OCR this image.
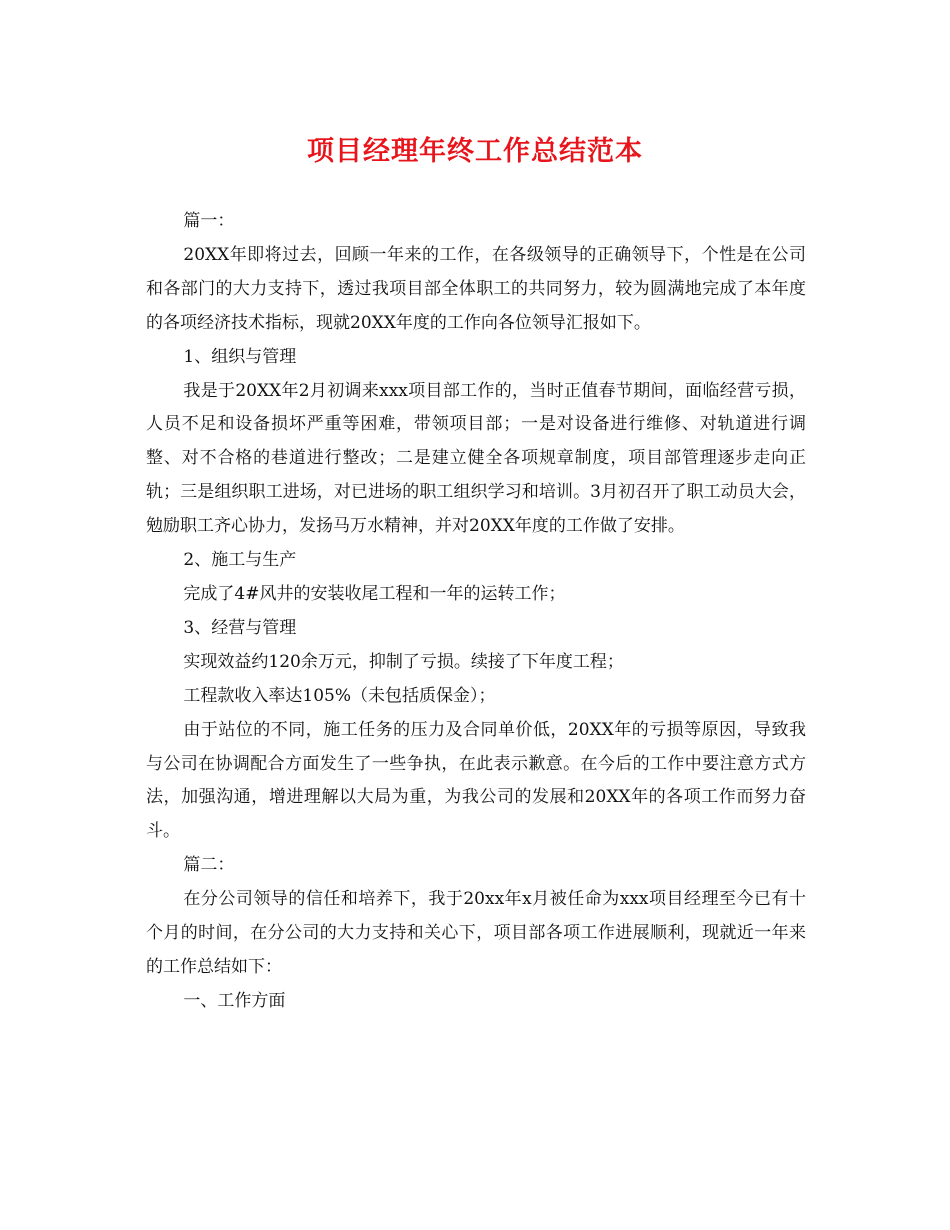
项目经理年终工作总结范本

篇一：

20XX年即将过去，回顾一年来的工作，在各级领导的正确领导下，个性是在公司和各部门的大力支持下，透过我项目部全体职工的共同努力，较为圆满地完成了本年度的各项经济技术指标，现就20XX年度的工作向各位领导汇报如下。

1、组织与管理

我是于20XX年2月初调来xxx项目部工作的，当时正值春节期间，面临经营亏损，人员不足和设备损坏严重等困难，带领项目部；一是对设备进行维修、对轨道进行调整、对不合格的巷道进行整改；二是建立健全各项规章制度，项目部管理逐步走向正轨；三是组织职工进场，对已进场的职工组织学习和培训。3月初召开了职工动员大会，勉励职工齐心协力，发扬马万水精神，并对20XX年度的工作做了安排。

2、施工与生产

完成了4#风井的安装收尾工程和一年的运转工作；

3、经营与管理

实现效益约120余万元，抑制了亏损。续接了下年度工程；

工程款收入率达105%（未包括质保金）；

由于站位的不同，施工任务的压力及合同单价低，20XX年的亏损等原因，导致我与公司在协调配合方面发生了一些争执，在此表示歉意。在今后的工作中要注意方式方法，加强沟通，增进理解以大局为重，为我公司的发展和20XX年的各项工作而努力奋斗。

篇二：

在分公司领导的信任和培养下，我于20xx年x月被任命为xxx项目经理至今已有十个月的时间，在分公司的大力支持和关心下，项目部各项工作进展顺利，现就近一年来的工作总结如下：

一、工作方面
